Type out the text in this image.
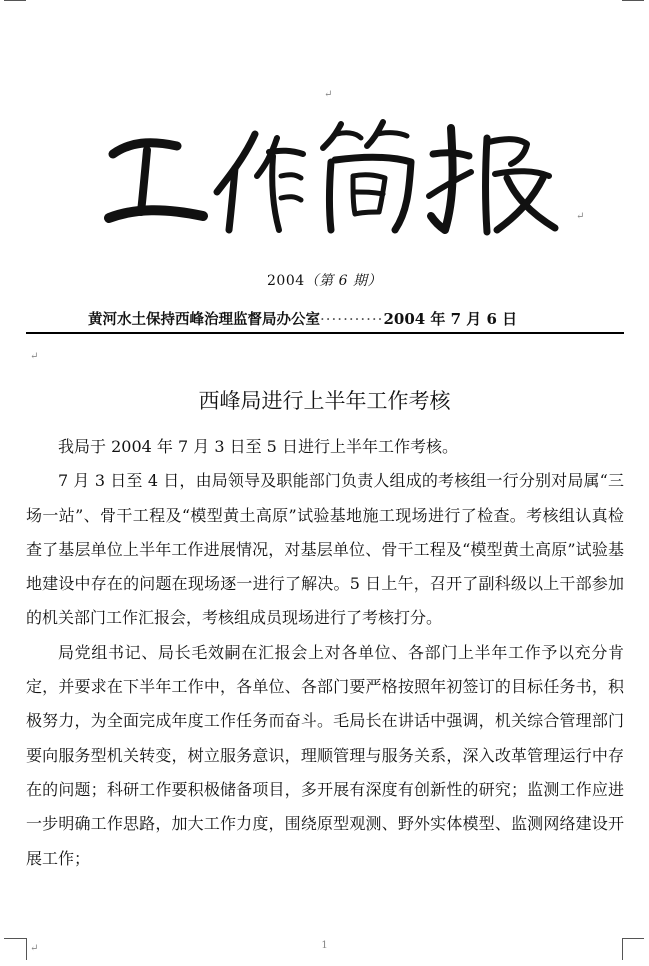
↵
↵
↵
↵
2004（第 6 期）
黄河水土保持西峰治理监督局办公室···········2004 年 7 月 6 日
西峰局进行上半年工作考核

我局于 2004 年 7 月 3 日至 5 日进行上半年工作考核。

7 月 3 日至 4 日，由局领导及职能部门负责人组成的考核组一行分别对局属“三场一站”、骨干工程及“模型黄土高原”试验基地施工现场进行了检查。考核组认真检查了基层单位上半年工作进展情况，对基层单位、骨干工程及“模型黄土高原”试验基地建设中存在的问题在现场逐一进行了解决。5 日上午，召开了副科级以上干部参加的机关部门工作汇报会，考核组成员现场进行了考核打分。

局党组书记、局长毛效嗣在汇报会上对各单位、各部门上半年工作予以充分肯定，并要求在下半年工作中，各单位、各部门要严格按照年初签订的目标任务书，积极努力，为全面完成年度工作任务而奋斗。毛局长在讲话中强调，机关综合管理部门要向服务型机关转变，树立服务意识，理顺管理与服务关系，深入改革管理运行中存在的问题；科研工作要积极储备项目，多开展有深度有创新性的研究；监测工作应进一步明确工作思路，加大工作力度，围绕原型观测、野外实体模型、监测网络建设开展工作；

1
